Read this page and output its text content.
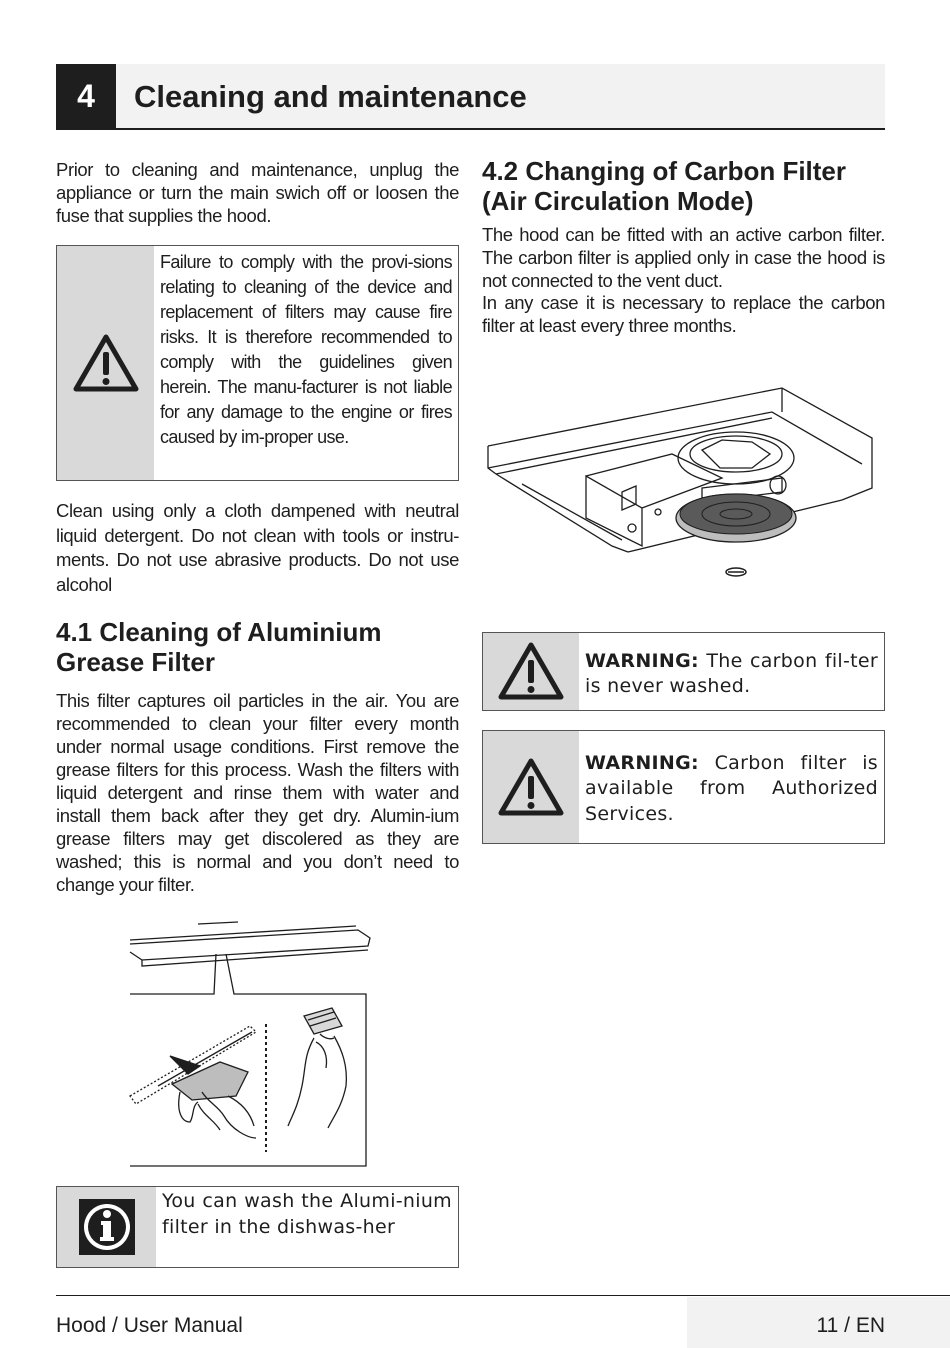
4	Cleaning and maintenance

Prior to cleaning and maintenance, unplug the appliance or turn the main swich off or loosen the fuse that supplies the hood.

Failure to comply with the provi-sions relating to cleaning of the device and replacement of filters may cause fire risks. It is therefore recommended to comply with the guidelines given herein. The manu-facturer is not liable for any damage to the engine or fires caused by im-proper use.

Clean using only a cloth dampened with neutral liquid detergent. Do not clean with tools or instru-ments. Do not use abrasive products. Do not use alcohol

4.1 Cleaning of Aluminium
Grease Filter

This filter captures oil particles in the air. You are recommended to clean your filter every month under normal usage conditions. First remove the grease filters for this process. Wash the filters with liquid detergent and rinse them with water and install them back after they get dry. Alumin-ium grease filters may get discolered as they are washed; this is normal and you don’t need to change your filter.

You can wash the Alumi-nium filter in the dishwas-her
4.2 Changing of Carbon Filter
(Air Circulation Mode)

The hood can be fitted with an active carbon filter. The carbon filter is applied only in case the hood is not connected to the vent duct.

In any case it is necessary to replace the carbon filter at least every three months.

WARNING: The carbon fil-ter is never washed.
WARNING: Carbon filter is available from Authorized Services.
Hood / User Manual	11 / EN
